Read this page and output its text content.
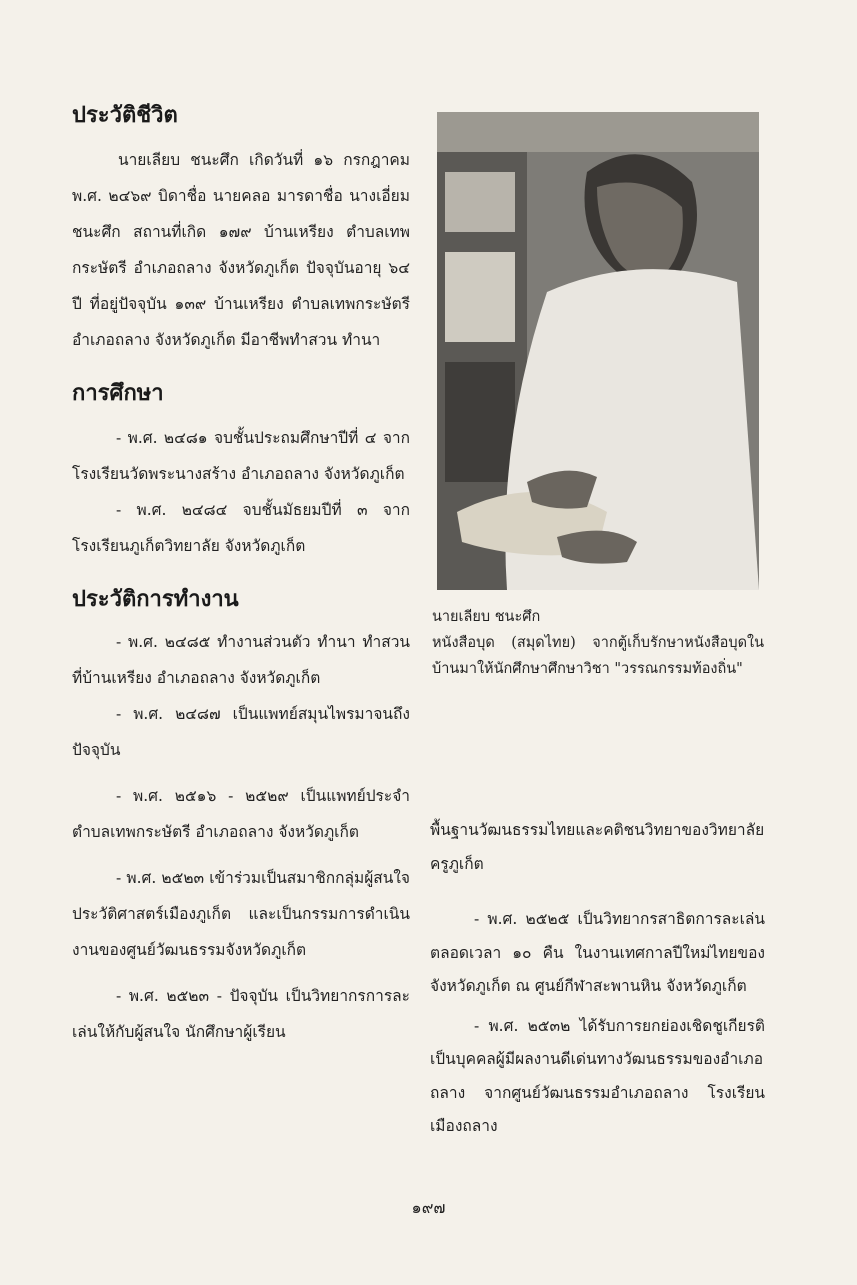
ประวัติชีวิต

นายเลียบ ชนะศึก เกิดวันที่ ๑๖ กรกฎาคม พ.ศ. ๒๔๖๙ บิดาชื่อ นายคลอ มารดาชื่อ นางเอี่ยม ชนะศึก สถานที่เกิด ๑๗๙ บ้านเหรียง ตำบลเทพกระษัตรี อำเภอถลาง จังหวัดภูเก็ต ปัจจุบันอายุ ๖๔ ปี ที่อยู่ปัจจุบัน ๑๓๙ บ้านเหรียง ตำบลเทพกระษัตรี อำเภอถลาง จังหวัดภูเก็ต มีอาชีพทำสวน ทำนา

การศึกษา

- พ.ศ. ๒๔๘๑ จบชั้นประถมศึกษาปีที่ ๔ จากโรงเรียนวัดพระนางสร้าง อำเภอถลาง จังหวัดภูเก็ต

- พ.ศ. ๒๔๘๔ จบชั้นมัธยมปีที่ ๓ จากโรงเรียนภูเก็ตวิทยาลัย จังหวัดภูเก็ต

ประวัติการทำงาน

- พ.ศ. ๒๔๘๕ ทำงานส่วนตัว ทำนา ทำสวนที่บ้านเหรียง อำเภอถลาง จังหวัดภูเก็ต

- พ.ศ. ๒๔๘๗ เป็นแพทย์สมุนไพรมาจนถึงปัจจุบัน

- พ.ศ. ๒๕๑๖ - ๒๕๒๙ เป็นแพทย์ประจำตำบลเทพกระษัตรี อำเภอถลาง จังหวัดภูเก็ต

- พ.ศ. ๒๕๒๓ เข้าร่วมเป็นสมาชิกกลุ่มผู้สนใจประวัติศาสตร์เมืองภูเก็ต และเป็นกรรมการดำเนินงานของศูนย์วัฒนธรรมจังหวัดภูเก็ต

- พ.ศ. ๒๕๒๓ - ปัจจุบัน เป็นวิทยากรการละเล่นให้กับผู้สนใจ นักศึกษาผู้เรียน

นายเลียบ ชนะศึก

หนังสือบุด (สมุดไทย) จากตู้เก็บรักษาหนังสือบุดในบ้านมาให้นักศึกษาศึกษาวิชา "วรรณกรรมท้องถิ่น"

พื้นฐานวัฒนธรรมไทยและคติชนวิทยาของวิทยาลัยครูภูเก็ต

- พ.ศ. ๒๕๒๕ เป็นวิทยากรสาธิตการละเล่น ตลอดเวลา ๑๐ คืน ในงานเทศกาลปีใหม่ไทยของจังหวัดภูเก็ต ณ ศูนย์กีฬาสะพานหิน จังหวัดภูเก็ต

- พ.ศ. ๒๕๓๒ ได้รับการยกย่องเชิดชูเกียรติเป็นบุคคลผู้มีผลงานดีเด่นทางวัฒนธรรมของอำเภอถลาง จากศูนย์วัฒนธรรมอำเภอถลาง โรงเรียนเมืองถลาง

๑๙๗
